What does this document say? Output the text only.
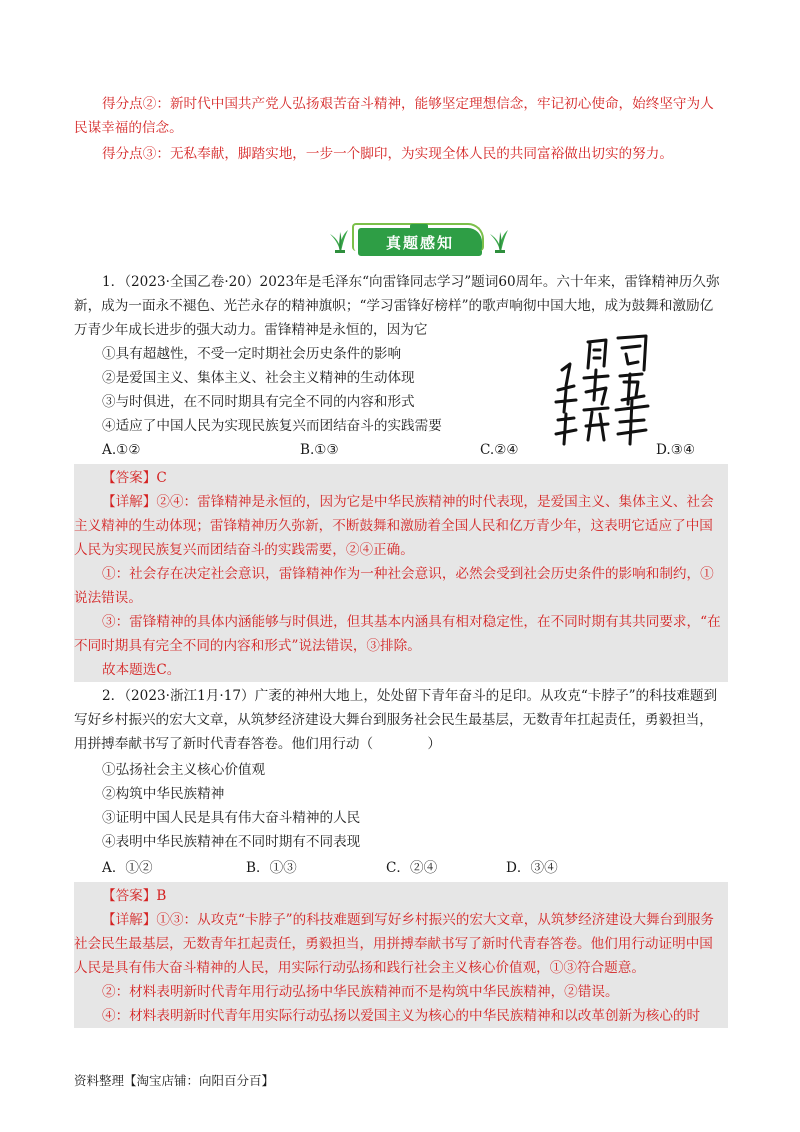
得分点②：新时代中国共产党人弘扬艰苦奋斗精神，能够坚定理想信念，牢记初心使命，始终坚守为人民谋幸福的信念。

得分点③：无私奉献，脚踏实地，一步一个脚印，为实现全体人民的共同富裕做出切实的努力。

真题感知

1．（2023·全国乙卷·20）2023年是毛泽东“向雷锋同志学习”题词60周年。六十年来，雷锋精神历久弥新，成为一面永不褪色、光芒永存的精神旗帜；“学习雷锋好榜样”的歌声响彻中国大地，成为鼓舞和激励亿万青少年成长进步的强大动力。雷锋精神是永恒的，因为它

①具有超越性，不受一定时期社会历史条件的影响

②是爱国主义、集体主义、社会主义精神的生动体现

③与时俱进，在不同时期具有完全不同的内容和形式

④适应了中国人民为实现民族复兴而团结奋斗的实践需要

A.①②	B.①③	C.②④	D.③④

【答案】C

【详解】②④：雷锋精神是永恒的，因为它是中华民族精神的时代表现，是爱国主义、集体主义、社会主义精神的生动体现；雷锋精神历久弥新，不断鼓舞和激励着全国人民和亿万青少年，这表明它适应了中国人民为实现民族复兴而团结奋斗的实践需要，②④正确。

①：社会存在决定社会意识，雷锋精神作为一种社会意识，必然会受到社会历史条件的影响和制约，①说法错误。

③：雷锋精神的具体内涵能够与时俱进，但其基本内涵具有相对稳定性，在不同时期有其共同要求，“在不同时期具有完全不同的内容和形式”说法错误，③排除。

故本题选C。

2．（2023·浙江1月·17）广袤的神州大地上，处处留下青年奋斗的足印。从攻克“卡脖子”的科技难题到写好乡村振兴的宏大文章，从筑梦经济建设大舞台到服务社会民生最基层，无数青年扛起责任，勇毅担当，用拼搏奉献书写了新时代青春答卷。他们用行动（　　　　）

①弘扬社会主义核心价值观

②构筑中华民族精神

③证明中国人民是具有伟大奋斗精神的人民

④表明中华民族精神在不同时期有不同表现

A．①②	B．①③	C．②④	D．③④

【答案】B

【详解】①③：从攻克“卡脖子”的科技难题到写好乡村振兴的宏大文章，从筑梦经济建设大舞台到服务社会民生最基层，无数青年扛起责任，勇毅担当，用拼搏奉献书写了新时代青春答卷。他们用行动证明中国人民是具有伟大奋斗精神的人民，用实际行动弘扬和践行社会主义核心价值观，①③符合题意。

②：材料表明新时代青年用行动弘扬中华民族精神而不是构筑中华民族精神，②错误。

④：材料表明新时代青年用实际行动弘扬以爱国主义为核心的中华民族精神和以改革创新为核心的时

资料整理【淘宝店铺：向阳百分百】
